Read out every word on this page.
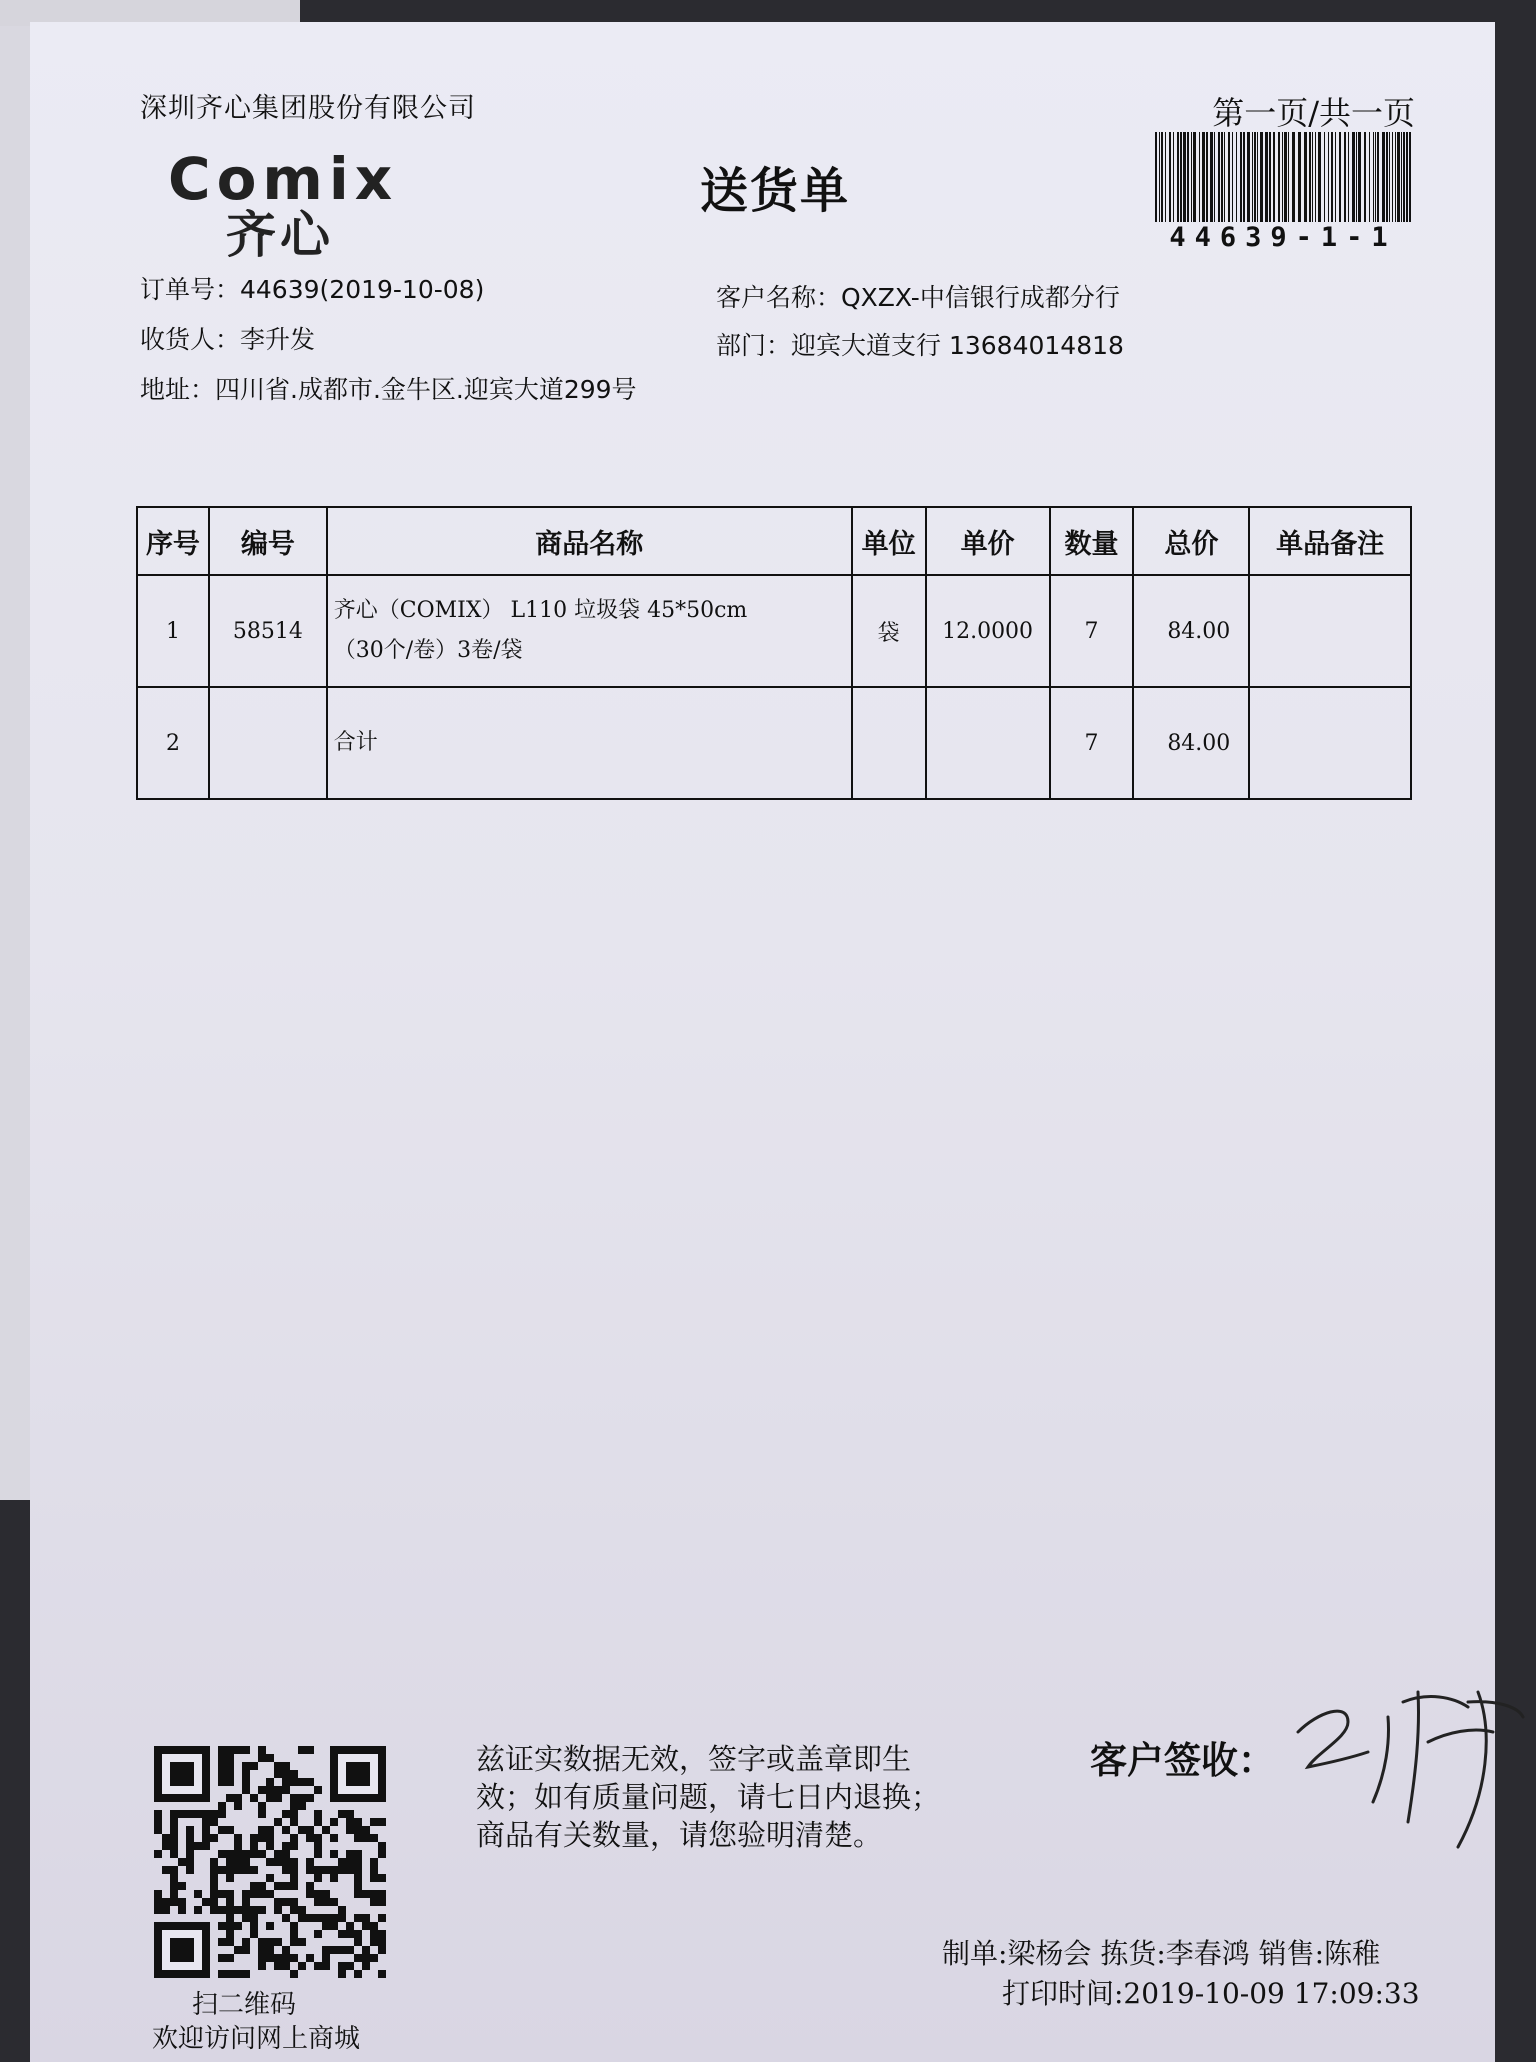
深圳齐心集团股份有限公司	第一页/共一页
Comix
齐心
送货单
44639-1-1
订单号：44639(2019-10-08)
收货人：李升发
地址：四川省.成都市.金牛区.迎宾大道299号
客户名称：QXZX-中信银行成都分行
部门：迎宾大道支行 13684014818
序号	编号	商品名称	单位	单价	数量	总价	单品备注
1	58514	齐心（COMIX） L110 垃圾袋 45*50cm
（30个/卷）3卷/袋	袋	12.0000	7	84.00	
2		合计			7	84.00	
扫二维码
欢迎访问网上商城
兹证实数据无效，签字或盖章即生
效；如有质量问题，请七日内退换；
商品有关数量，请您验明清楚。
客户签收：
制单:梁杨会 拣货:李春鸿 销售:陈稚
打印时间:2019-10-09 17:09:33
